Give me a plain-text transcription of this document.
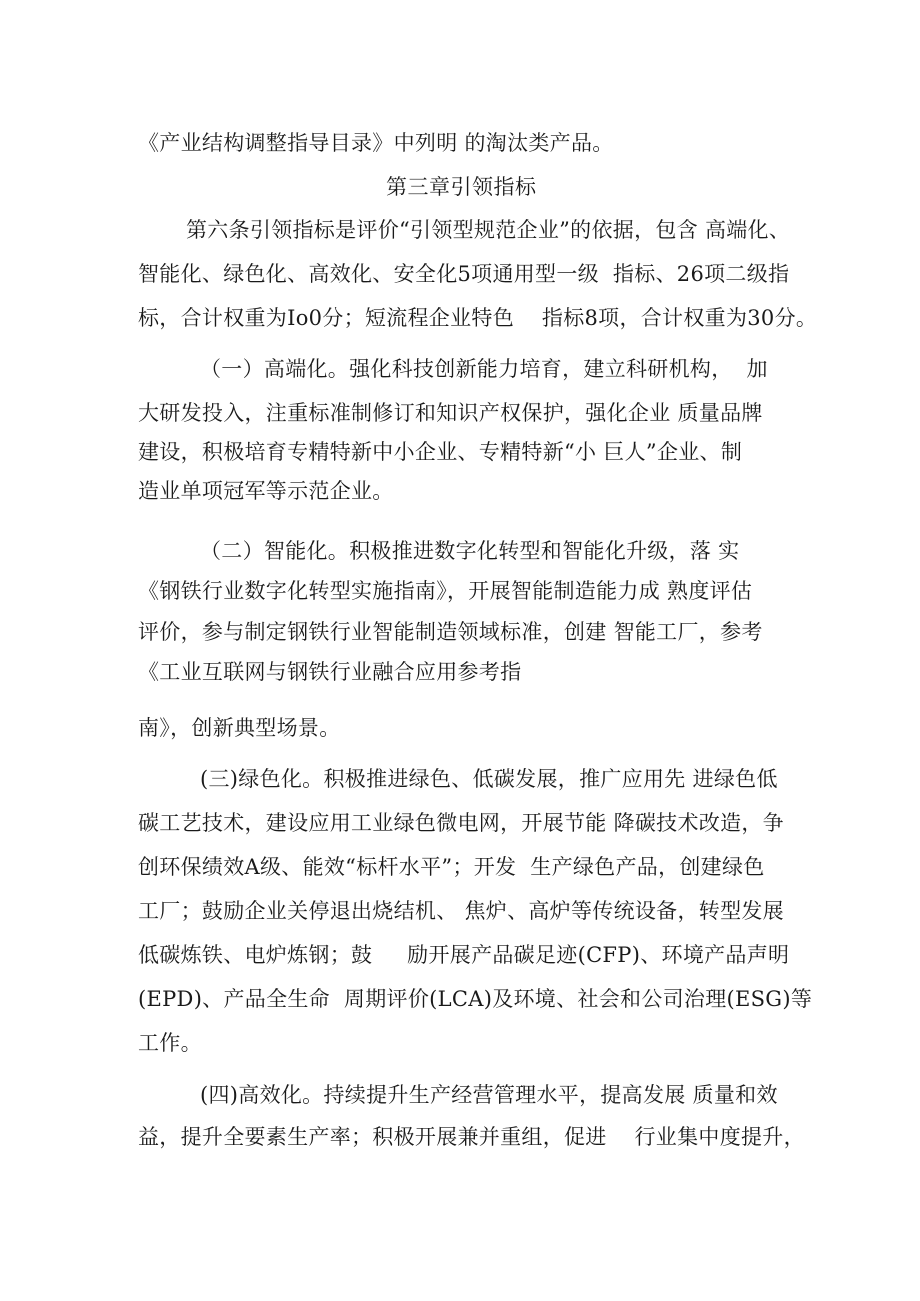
《产业结构调整指导目录》中列明 的淘汰类产品。
第三章引领指标
第六条引领指标是评价“引领型规范企业”的依据，包含 高端化、
智能化、绿色化、高效化、安全化5项通用型一级  指标、26项二级指
标，合计权重为Io0分；短流程企业特色    指标8项，合计权重为30分。
（一）高端化。强化科技创新能力培育，建立科研机构，  加
大研发投入，注重标准制修订和知识产权保护，强化企业 质量品牌
建设，积极培育专精特新中小企业、专精特新“小 巨人”企业、制
造业单项冠军等示范企业。
（二）智能化。积极推进数字化转型和智能化升级，落 实
《钢铁行业数字化转型实施指南》，开展智能制造能力成 熟度评估
评价，参与制定钢铁行业智能制造领域标准，创建 智能工厂，参考
《工业互联网与钢铁行业融合应用参考指
南》，创新典型场景。
(三)绿色化。积极推进绿色、低碳发展，推广应用先 进绿色低
碳工艺技术，建设应用工业绿色微电网，开展节能 降碳技术改造，争
创环保绩效A级、能效“标杆水平”；开发  生产绿色产品，创建绿色
工厂；鼓励企业关停退出烧结机、 焦炉、高炉等传统设备，转型发展
低碳炼铁、电炉炼钢；鼓     励开展产品碳足迹(CFP)、环境产品声明
(EPD)、产品全生命  周期评价(LCA)及环境、社会和公司治理(ESG)等
工作。
(四)高效化。持续提升生产经营管理水平，提高发展 质量和效
益，提升全要素生产率；积极开展兼并重组，促进    行业集中度提升，
